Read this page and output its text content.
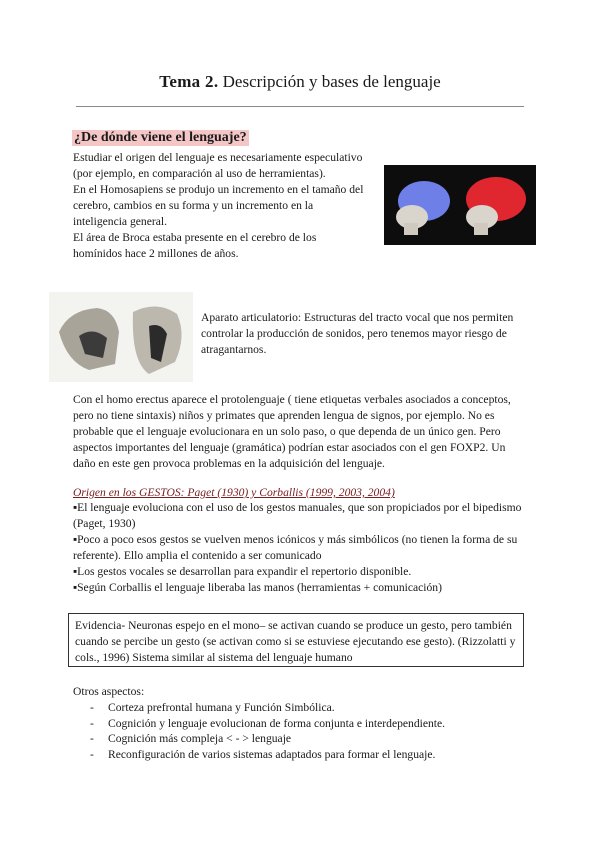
Tema 2. Descripción y bases de lenguaje
¿De dónde viene el lenguaje?
Estudiar el origen del lenguaje es necesariamente especulativo (por ejemplo, en comparación al uso de herramientas).
En el Homosapiens se produjo un incremento en el tamaño del cerebro, cambios en su forma y un incremento en la inteligencia general.
El área de Broca estaba presente en el cerebro de los homínidos hace 2 millones de años.
Aparato articulatorio: Estructuras del tracto vocal que nos permiten controlar la producción de sonidos, pero tenemos mayor riesgo de atragantarnos.
Con el homo erectus aparece el protolenguaje ( tiene etiquetas verbales asociados a conceptos, pero no tiene sintaxis) niños y primates que aprenden lengua de signos, por ejemplo. No es probable que el lenguaje evolucionara en un solo paso, o que dependa de un único gen. Pero aspectos importantes del lenguaje (gramática) podrían estar asociados con el gen FOXP2. Un daño en este gen provoca problemas en la adquisición del lenguaje.
Origen en los GESTOS: Paget (1930) y Corballis (1999, 2003, 2004)
▪El lenguaje evoluciona con el uso de los gestos manuales, que son propiciados por el bipedismo (Paget, 1930)
▪Poco a poco esos gestos se vuelven menos icónicos y más simbólicos (no tienen la forma de su referente). Ello amplia el contenido a ser comunicado
▪Los gestos vocales se desarrollan para expandir el repertorio disponible.
▪Según Corballis el lenguaje liberaba las manos (herramientas + comunicación)
Evidencia- Neuronas espejo en el mono– se activan cuando se produce un gesto, pero también cuando se percibe un gesto (se activan como si se estuviese ejecutando ese gesto). (Rizzolatti y cols., 1996) Sistema similar al sistema del lenguaje humano
Otros aspectos:
-	Corteza prefrontal humana y Función Simbólica.
-	Cognición y lenguaje evolucionan de forma conjunta e interdependiente.
-	Cognición más compleja < - > lenguaje
-	Reconfiguración de varios sistemas adaptados para formar el lenguaje.
